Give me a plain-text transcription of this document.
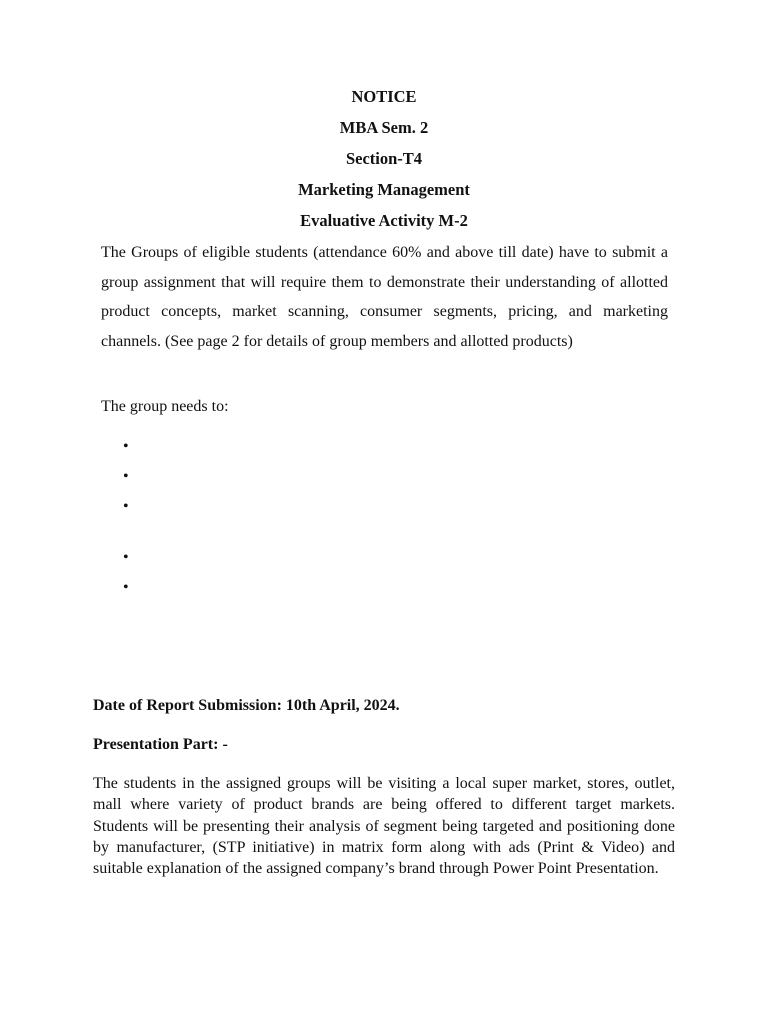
NOTICE
MBA Sem. 2
Section-T4
Marketing Management
Evaluative Activity M-2
The Groups of eligible students (attendance 60% and above till date) have to submit a group assignment that will require them to demonstrate their understanding of allotted product concepts, market scanning, consumer segments, pricing, and marketing channels. (See page 2 for details of group members and allotted products)
The group needs to:
•
•
•
•
•
Date of Report Submission: 10th April, 2024.
Presentation Part: -
The students in the assigned groups will be visiting a local super market, stores, outlet, mall where variety of product brands are being offered to different target markets. Students will be presenting their analysis of segment being targeted and positioning done by manufacturer, (STP initiative) in matrix form along with ads (Print & Video) and suitable explanation of the assigned company’s brand through Power Point Presentation.
